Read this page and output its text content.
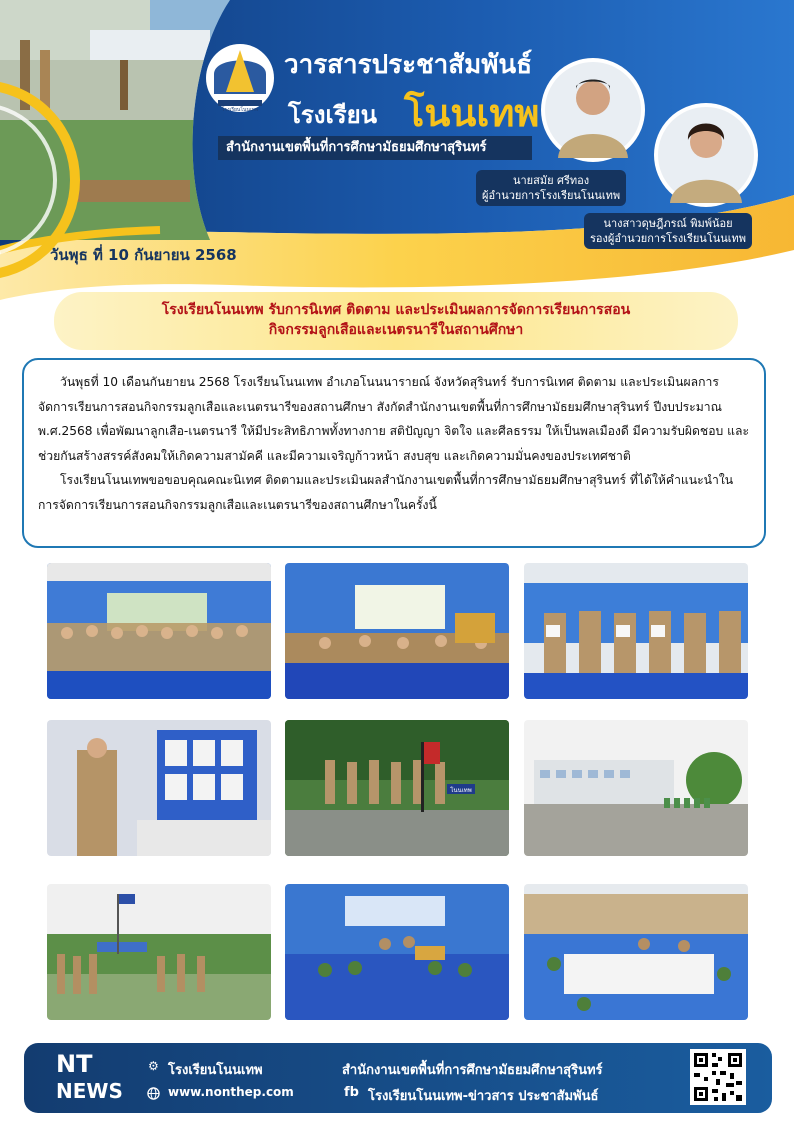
โรงเรียนโนนเทพ
วารสารประชาสัมพันธ์
โรงเรียน โนนเทพ
สำนักงานเขตพื้นที่การศึกษามัธยมศึกษาสุรินทร์
นายสมัย ศรีทอง
ผู้อำนวยการโรงเรียนโนนเทพ
นางสาวดุษฎีภรณ์ พิมพ์น้อย
รองผู้อำนวยการโรงเรียนโนนเทพ
วันพุธ ที่ 10 กันยายน 2568
โรงเรียนโนนเทพ รับการนิเทศ ติดตาม และประเมินผลการจัดการเรียนการสอน
กิจกรรมลูกเสือและเนตรนารีในสถานศึกษา

วันพุธที่ 10 เดือนกันยายน 2568 โรงเรียนโนนเทพ อำเภอโนนนารายณ์ จังหวัดสุรินทร์ รับการนิเทศ ติดตาม และประเมินผลการจัดการเรียนการสอนกิจกรรมลูกเสือและเนตรนารีของสถานศึกษา สังกัดสำนักงานเขตพื้นที่การศึกษามัธยมศึกษาสุรินทร์ ปีงบประมาณ พ.ศ.2568 เพื่อพัฒนาลูกเสือ-เนตรนารี ให้มีประสิทธิภาพทั้งทางกาย สติปัญญา จิตใจ และศีลธรรม ให้เป็นพลเมืองดี มีความรับผิดชอบ และช่วยกันสร้างสรรค์สังคมให้เกิดความสามัคคี และมีความเจริญก้าวหน้า สงบสุข และเกิดความมั่นคงของประเทศชาติ

โรงเรียนโนนเทพขอขอบคุณคณะนิเทศ ติดตามและประเมินผลสำนักงานเขตพื้นที่การศึกษามัธยมศึกษาสุรินทร์ ที่ได้ให้คำแนะนำในการจัดการเรียนการสอนกิจกรรมลูกเสือและเนตรนารีของสถานศึกษาในครั้งนี้

โนนเทพ
NT
NEWS
⚙ โรงเรียนโนนเทพ
www.nonthep.com
สำนักงานเขตพื้นที่การศึกษามัธยมศึกษาสุรินทร์
fb โรงเรียนโนนเทพ-ข่าวสาร ประชาสัมพันธ์
